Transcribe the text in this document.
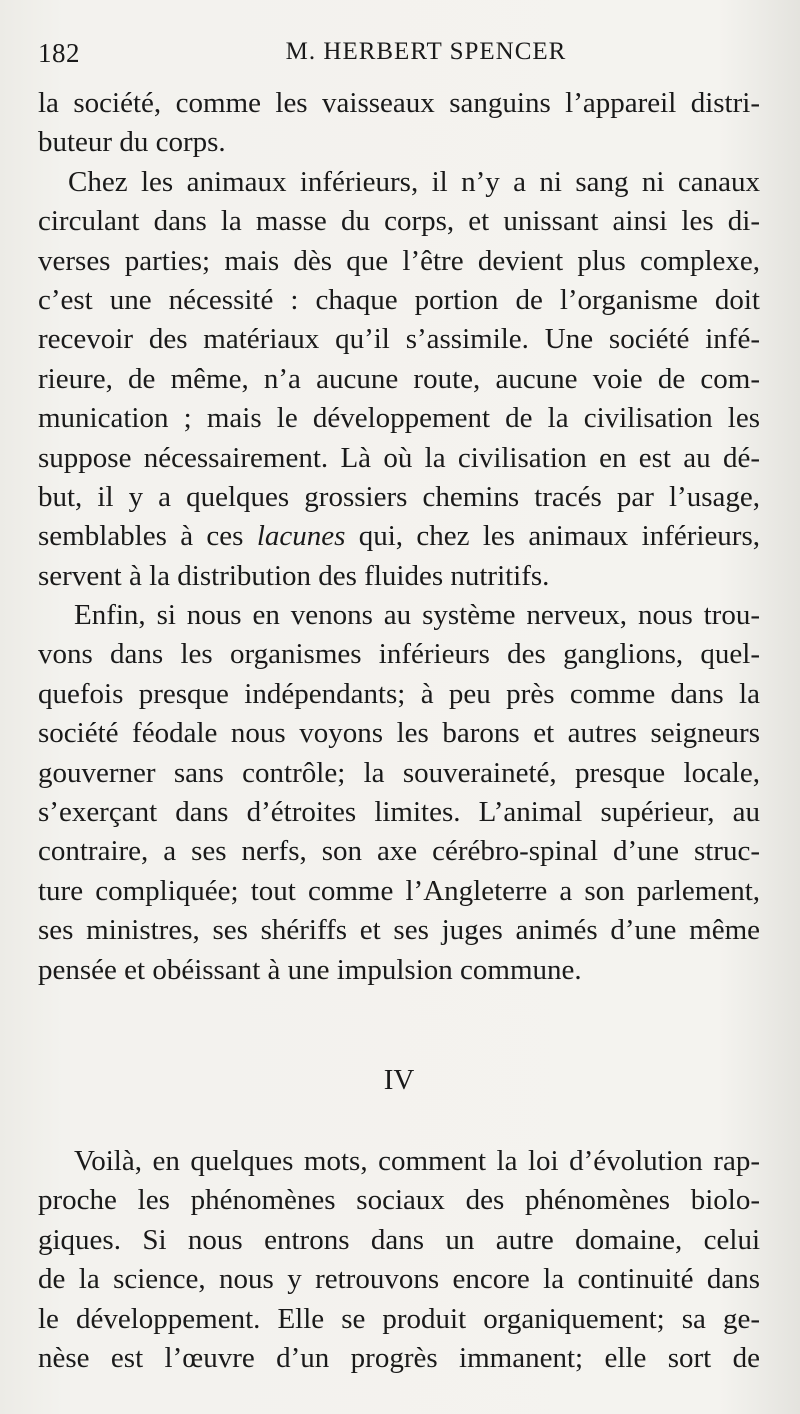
182	M. HERBERT SPENCER
la société, comme les vaisseaux sanguins l’appareil distri-
buteur du corps.
Chez les animaux inférieurs, il n’y a ni sang ni canaux
circulant dans la masse du corps, et unissant ainsi les di-
verses parties; mais dès que l’être devient plus complexe,
c’est une nécessité : chaque portion de l’organisme doit
recevoir des matériaux qu’il s’assimile. Une société infé-
rieure, de même, n’a aucune route, aucune voie de com-
munication ; mais le développement de la civilisation les
suppose nécessairement. Là où la civilisation en est au dé-
but, il y a quelques grossiers chemins tracés par l’usage,
semblables à ces lacunes qui, chez les animaux inférieurs,
servent à la distribution des fluides nutritifs.
Enfin, si nous en venons au système nerveux, nous trou-
vons dans les organismes inférieurs des ganglions, quel-
quefois presque indépendants; à peu près comme dans la
société féodale nous voyons les barons et autres seigneurs
gouverner sans contrôle; la souveraineté, presque locale,
s’exerçant dans d’étroites limites. L’animal supérieur, au
contraire, a ses nerfs, son axe cérébro-spinal d’une struc-
ture compliquée; tout comme l’Angleterre a son parlement,
ses ministres, ses shériffs et ses juges animés d’une même
pensée et obéissant à une impulsion commune.
IV
Voilà, en quelques mots, comment la loi d’évolution rap-
proche les phénomènes sociaux des phénomènes biolo-
giques. Si nous entrons dans un autre domaine, celui
de la science, nous y retrouvons encore la continuité dans
le développement. Elle se produit organiquement; sa ge-
nèse est l’œuvre d’un progrès immanent; elle sort de
